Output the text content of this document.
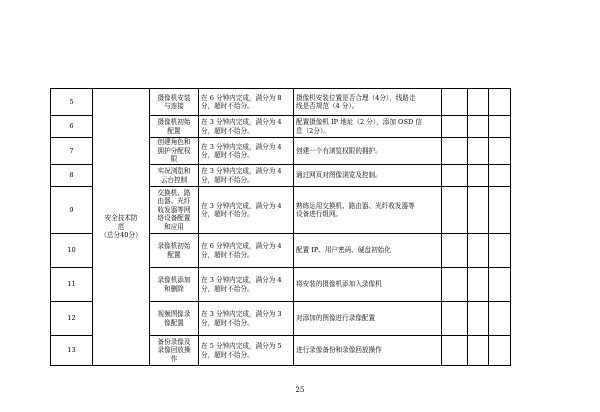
5	安全技术防
范
（总分40分）	摄像机安装
与连接	在 6 分钟内完成，满分为 8
分，超时不给分。	摄像机安装位置是否合理（4分），线路走
线是否规范（4 分）。			
6		摄像机初始
配置	在 3 分钟内完成，满分为 4
分，超时不给分。	配置摄像机 IP 地址（2 分），添加 OSD 信
息（2分）。			
7		创建角色和
拥护分配权
限	在 3 分钟内完成，满分为 4
分，超时不给分。	创建一个有浏览权限的拥护。			
8		实况浏览和
云台控制	在 3 分钟内完成，满分为 4
分，超时不给分。	通过网页对图像浏览及控制。			
9		交换机、路
由器、光纤
收发器等网
络设备配置
和应用	在 3 分钟内完成，满分为 4
分，超时不给分。	熟练运用交换机、路由器、光纤收发器等
设备进行组网。			
10		录像机初始
配置	在 6 分钟内完成，满分为 4
分，超时不给分。	配置 IP、用户密码、硬盘初始化			
11		录像机添加
和删除	在 3 分钟内完成，满分为 4
分，超时不给分。	将安装的摄像机添加入录像机			
12		视频图像录
像配置	在 3 分钟内完成，满分为 3
分，超时不给分。	对添加的图像进行录像配置			
13		备份录像及
录像回放操
作	在 5 分钟内完成，满分为 5
分，超时不给分。	进行录像备份和录像回放操作			
25
